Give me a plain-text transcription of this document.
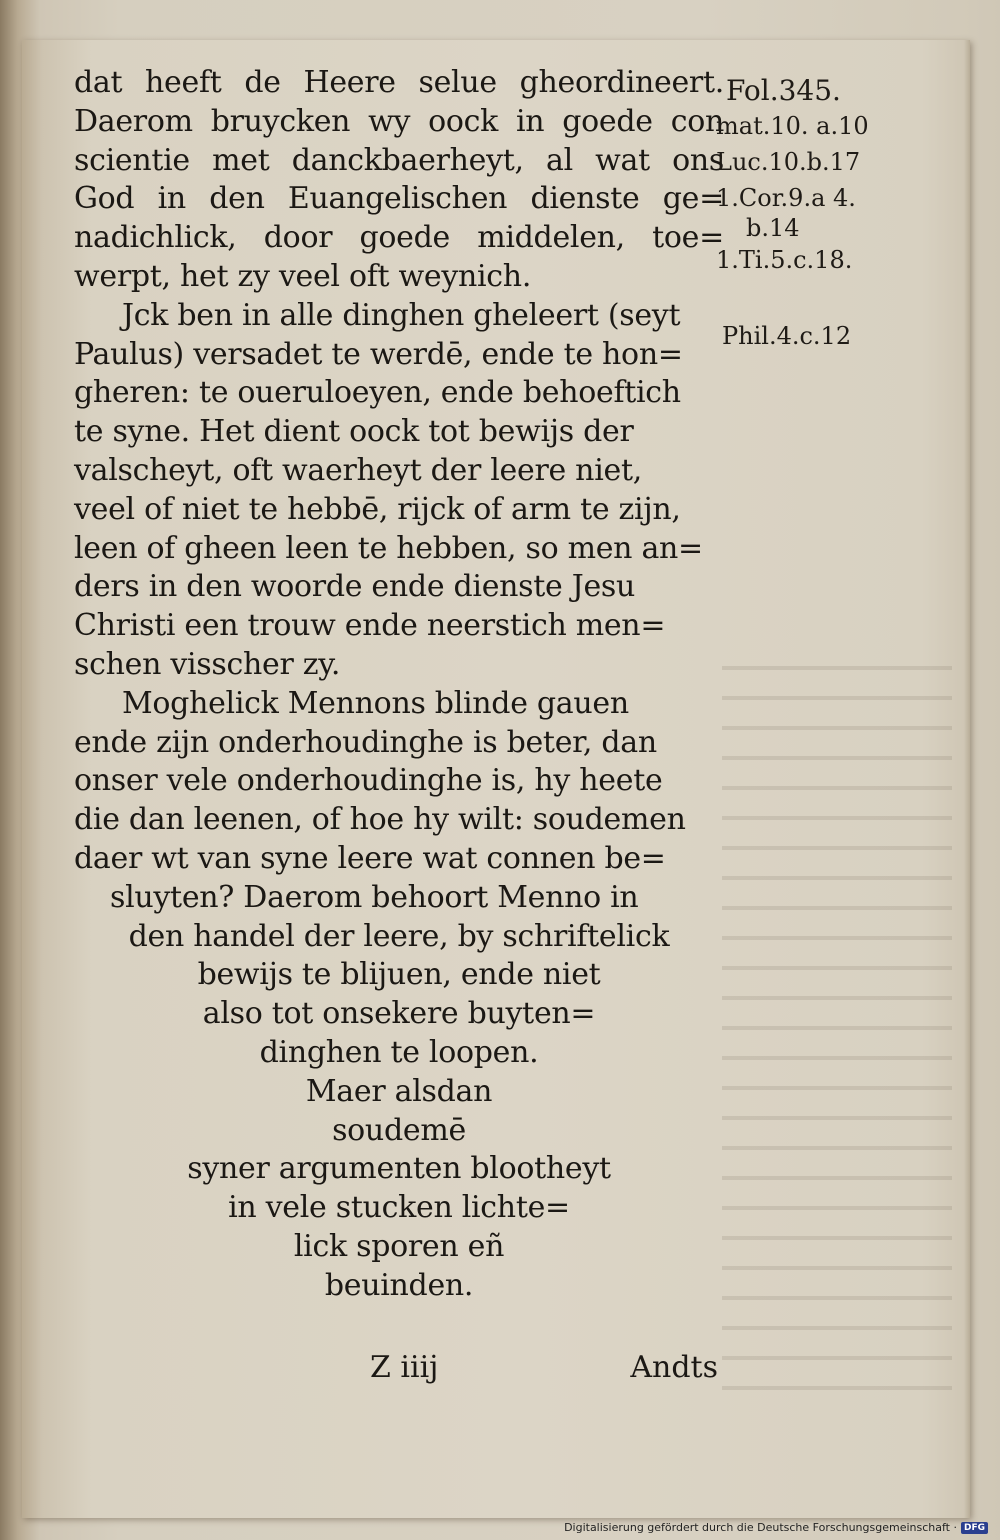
dat heeft de Heere selue gheordineert.
Daerom bruycken wy oock in goede con
scientie met danckbaerheyt, al wat ons
God in den Euangelischen dienste ge=
nadichlick, door goede middelen, toe=
werpt, het zy veel oft weynich.
Jck ben in alle dinghen gheleert (seyt
Paulus) versadet te werdē, ende te hon=
gheren: te ouerulоeyen, ende behoeftich
te syne. Het dient oock tot bewijs der
valscheyt, oft waerheyt der leere niet,
veel of niet te hebbē, rijck of arm te zijn,
leen of gheen leen te hebben, so men an=
ders in den woorde ende dienste Jesu
Christi een trouw ende neerstich men=
schen visscher zy.
Moghelick Mennons blinde gauen
ende zijn onderhoudinghe is beter, dan
onser vele onderhoudinghe is, hy heete
die dan leenen, of hoe hy wilt: soudemen
daer wt van syne leere wat connen be=
sluyten? Daerom behoort Menno in
den handel der leere, by schriftelick
bewijs te blijuen, ende niet
also tot onsekere buyten=
dinghen te loopen.
Maer alsdan
soudemē
syner argumenten blootheyt
in vele stucken lichte=
lick sporen eñ
beuinden.
Fol.345.
mat.10. a.10
Luc.10.b.17
1.Cor.9.a 4.
b.14
1.Ti.5.c.18.
Phil.4.c.12
Z iiij	Andts
Digitalisierung gefördert durch die Deutsche Forschungsgemeinschaft · DFG
